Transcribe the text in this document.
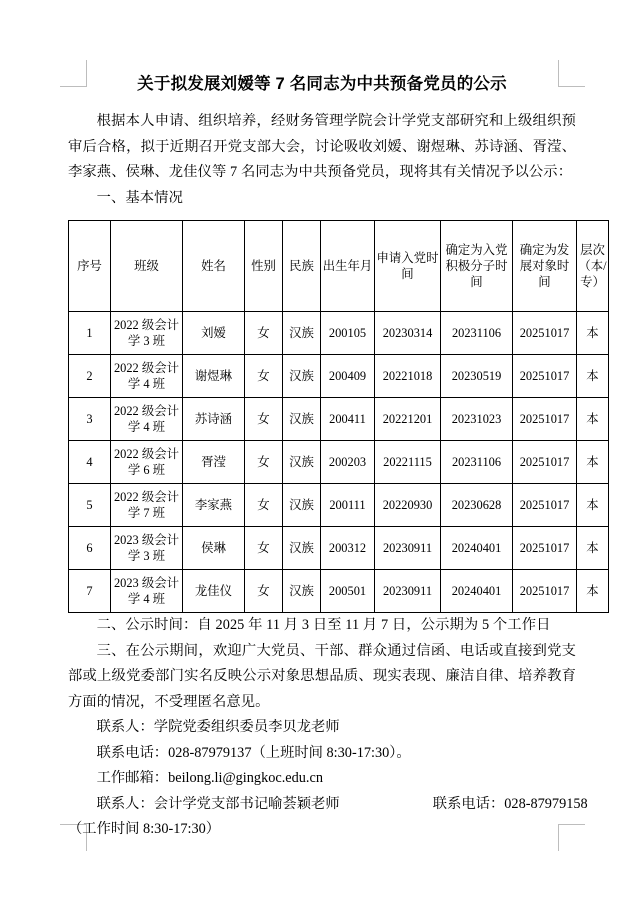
关于拟发展刘嫒等 7 名同志为中共预备党员的公示

根据本人申请、组织培养，经财务管理学院会计学党支部研究和上级组织预审后合格，拟于近期召开党支部大会，讨论吸收刘嫒、谢煜琳、苏诗涵、胥滢、李家燕、侯琳、龙佳仪等 7 名同志为中共预备党员，现将其有关情况予以公示：

一、基本情况

序号	班级	姓名	性别	民族	出生年月	申请入党时间	确定为入党积极分子时间	确定为发展对象时间	层次（本/专）
1	2022 级会计学 3 班	刘嫒	女	汉族	200105	20230314	20231106	20251017	本
2	2022 级会计学 4 班	谢煜琳	女	汉族	200409	20221018	20230519	20251017	本
3	2022 级会计学 4 班	苏诗涵	女	汉族	200411	20221201	20231023	20251017	本
4	2022 级会计学 6 班	胥滢	女	汉族	200203	20221115	20231106	20251017	本
5	2022 级会计学 7 班	李家燕	女	汉族	200111	20220930	20230628	20251017	本
6	2023 级会计学 3 班	侯琳	女	汉族	200312	20230911	20240401	20251017	本
7	2023 级会计学 4 班	龙佳仪	女	汉族	200501	20230911	20240401	20251017	本

二、公示时间：自 2025 年 11 月 3 日至 11 月 7 日，公示期为 5 个工作日

三、在公示期间，欢迎广大党员、干部、群众通过信函、电话或直接到党支部或上级党委部门实名反映公示对象思想品质、现实表现、廉洁自律、培养教育方面的情况，不受理匿名意见。

联系人：学院党委组织委员李贝龙老师

联系电话：028-87979137（上班时间 8:30-17:30）。

工作邮箱：beilong.li@gingkoc.edu.cn

联系人：会计学党支部书记喻荟颖老师	联系电话：028-87979158

（工作时间 8:30-17:30）
